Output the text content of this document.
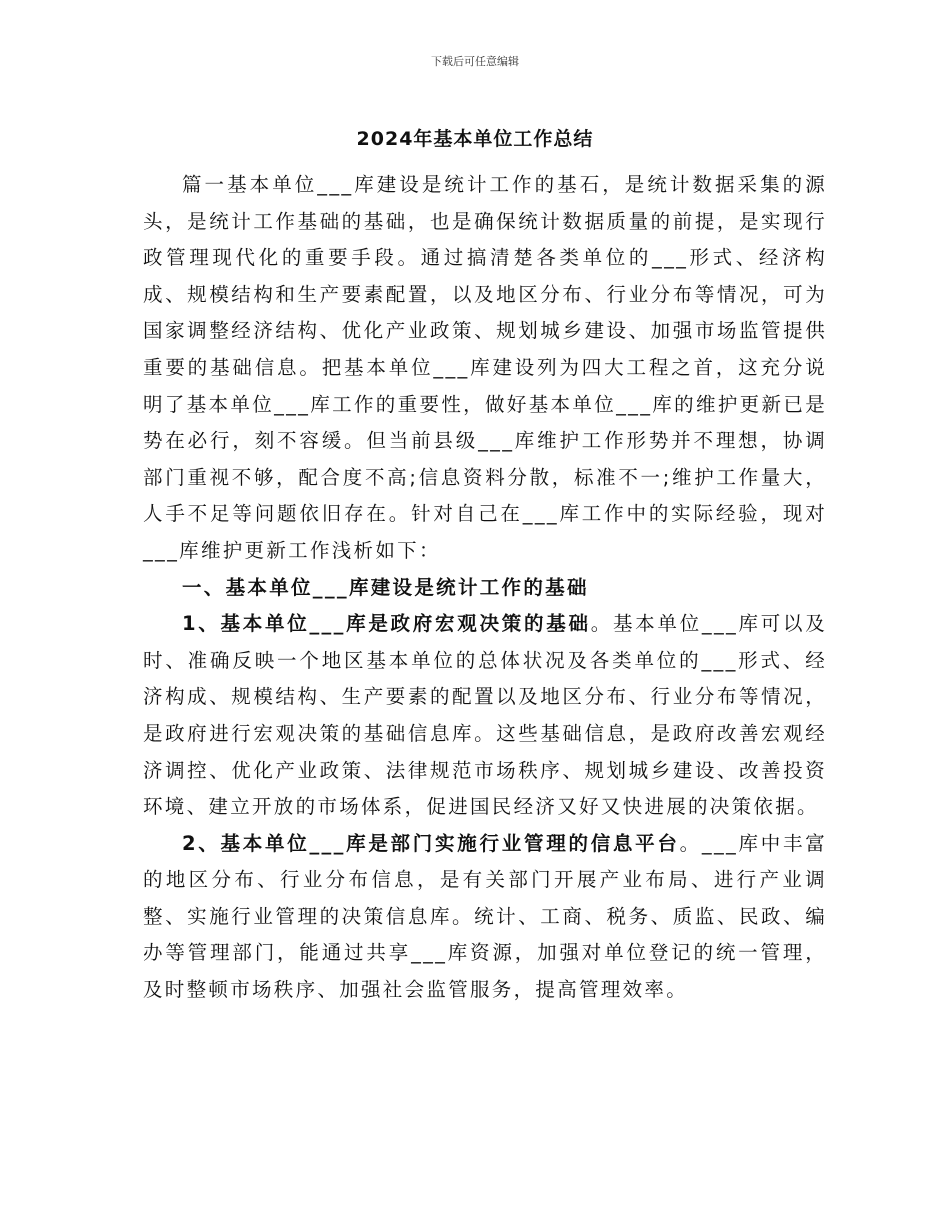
下载后可任意编辑
2024年基本单位工作总结

篇一基本单位___库建设是统计工作的基石，是统计数据采集的源头，是统计工作基础的基础，也是确保统计数据质量的前提，是实现行政管理现代化的重要手段。通过搞清楚各类单位的___形式、经济构成、规模结构和生产要素配置，以及地区分布、行业分布等情况，可为国家调整经济结构、优化产业政策、规划城乡建设、加强市场监管提供重要的基础信息。把基本单位___库建设列为四大工程之首，这充分说明了基本单位___库工作的重要性，做好基本单位___库的维护更新已是势在必行，刻不容缓。但当前县级___库维护工作形势并不理想，协调部门重视不够，配合度不高;信息资料分散，标准不一;维护工作量大，人手不足等问题依旧存在。针对自己在___库工作中的实际经验，现对___库维护更新工作浅析如下：

一、基本单位___库建设是统计工作的基础

1、基本单位___库是政府宏观决策的基础。基本单位___库可以及时、准确反映一个地区基本单位的总体状况及各类单位的___形式、经济构成、规模结构、生产要素的配置以及地区分布、行业分布等情况，是政府进行宏观决策的基础信息库。这些基础信息，是政府改善宏观经济调控、优化产业政策、法律规范市场秩序、规划城乡建设、改善投资环境、建立开放的市场体系，促进国民经济又好又快进展的决策依据。

2、基本单位___库是部门实施行业管理的信息平台。___库中丰富的地区分布、行业分布信息，是有关部门开展产业布局、进行产业调整、实施行业管理的决策信息库。统计、工商、税务、质监、民政、编办等管理部门，能通过共享___库资源，加强对单位登记的统一管理，及时整顿市场秩序、加强社会监管服务，提高管理效率。
